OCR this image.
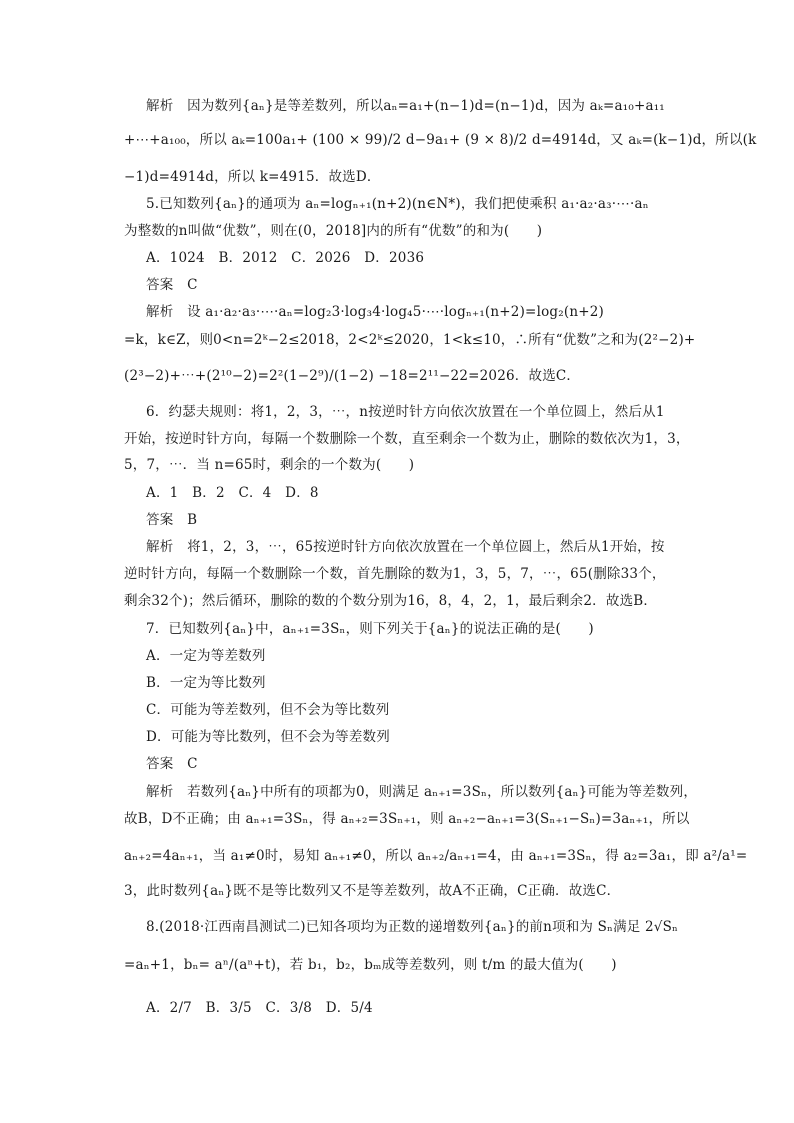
解析　因为数列{aₙ}是等差数列，所以aₙ=a₁+(n−1)d=(n−1)d，因为 aₖ=a₁₀+a₁₁
+⋯+a₁₀₀，所以 aₖ=100a₁+ (100 × 99)/2 d−9a₁+ (9 × 8)/2 d=4914d，又 aₖ=(k−1)d，所以(k
−1)d=4914d，所以 k=4915．故选D．
5.已知数列{aₙ}的通项为 aₙ=logₙ₊₁(n+2)(n∈N*)，我们把使乘积 a₁·a₂·a₃·⋯·aₙ
为整数的n叫做“优数”，则在(0，2018]内的所有“优数”的和为(　　)
A．1024　B．2012　C．2026　D．2036
答案　C
解析　设 a₁·a₂·a₃·⋯·aₙ=log₂3·log₃4·log₄5·⋯·logₙ₊₁(n+2)=log₂(n+2)
=k，k∈Z，则0<n=2ᵏ−2≤2018，2<2ᵏ≤2020，1<k≤10，∴所有“优数”之和为(2²−2)+
(2³−2)+⋯+(2¹⁰−2)=2²(1−2⁹)/(1−2) −18=2¹¹−22=2026．故选C．
6．约瑟夫规则：将1，2，3，⋯，n按逆时针方向依次放置在一个单位圆上，然后从1
开始，按逆时针方向，每隔一个数删除一个数，直至剩余一个数为止，删除的数依次为1，3，
5，7，⋯．当 n=65时，剩余的一个数为(　　)
A．1　B．2　C．4　D．8
答案　B
解析　将1，2，3，⋯，65按逆时针方向依次放置在一个单位圆上，然后从1开始，按
逆时针方向，每隔一个数删除一个数，首先删除的数为1，3，5，7，⋯，65(删除33个，
剩余32个)；然后循环，删除的数的个数分别为16，8，4，2，1，最后剩余2．故选B．
7．已知数列{aₙ}中，aₙ₊₁=3Sₙ，则下列关于{aₙ}的说法正确的是(　　)
A．一定为等差数列
B．一定为等比数列
C．可能为等差数列，但不会为等比数列
D．可能为等比数列，但不会为等差数列
答案　C
解析　若数列{aₙ}中所有的项都为0，则满足 aₙ₊₁=3Sₙ，所以数列{aₙ}可能为等差数列，
故B，D不正确；由 aₙ₊₁=3Sₙ，得 aₙ₊₂=3Sₙ₊₁，则 aₙ₊₂−aₙ₊₁=3(Sₙ₊₁−Sₙ)=3aₙ₊₁，所以
aₙ₊₂=4aₙ₊₁，当 a₁≠0时，易知 aₙ₊₁≠0，所以 aₙ₊₂/aₙ₊₁=4，由 aₙ₊₁=3Sₙ，得 a₂=3a₁，即 a²/a¹=
3，此时数列{aₙ}既不是等比数列又不是等差数列，故A不正确，C正确．故选C．
8.(2018·江西南昌测试二)已知各项均为正数的递增数列{aₙ}的前n项和为 Sₙ满足 2√Sₙ
=aₙ+1，bₙ= aⁿ/(aⁿ+t)，若 b₁，b₂，bₘ成等差数列，则 t/m 的最大值为(　　)
A．2/7　B．3/5　C．3/8　D．5/4
